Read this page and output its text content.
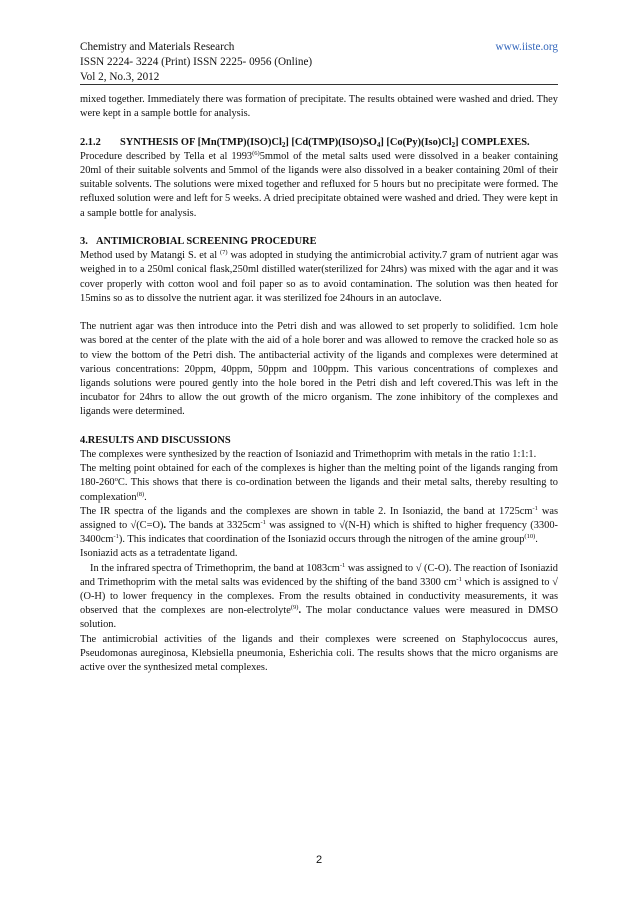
Chemistry and Materials Research
ISSN 2224- 3224 (Print) ISSN 2225- 0956 (Online)
Vol 2, No.3, 2012
www.iiste.org

mixed together. Immediately there was formation of precipitate. The results obtained were washed and dried. They were kept in a sample bottle for analysis.

2.1.2 SYNTHESIS OF $[Mn(TMP)(ISO)Cl_2]$ $[Cd(TMP)(ISO)SO_4]$ $[Co(Py)(Iso)Cl_2]$ COMPLEXES.

Procedure described by Tella et al 1993$^{(6)}$5mmol of the metal salts used were dissolved in a beaker containing 20ml of their suitable solvents and 5mmol of the ligands were also dissolved in a beaker containing 20ml of their suitable solvents. The solutions were mixed together and refluxed for 5 hours but no precipitate were formed. The refluxed solution were and left for 5 weeks. A dried precipitate obtained were washed and dried. They were kept in a sample bottle for analysis.

3. ANTIMICROBIAL SCREENING PROCEDURE

Method used by Matangi S. et al $^{(7)}$ was adopted in studying the antimicrobial activity.7 gram of nutrient agar was weighed in to a 250ml conical flask,250ml distilled water(sterilized for 24hrs) was mixed with the agar and it was cover properly with cotton wool and foil paper so as to avoid contamination. The solution was then heated for 15mins so as to dissolve the nutrient agar. it was sterilized foe 24hours in an autoclave.

The nutrient agar was then introduce into the Petri dish and was allowed to set properly to solidified. 1cm hole was bored at the center of the plate with the aid of a hole borer and was allowed to remove the cracked hole so as to view the bottom of the Petri dish. The antibacterial activity of the ligands and complexes were determined at various concentrations: 20ppm, 40ppm, 50ppm and 100ppm. This various concentrations of complexes and ligands solutions were poured gently into the hole bored in the Petri dish and left covered.This was left in the incubator for 24hrs to allow the out growth of the micro organism. The zone inhibitory of the complexes and ligands were determined.

4.RESULTS AND DISCUSSIONS

The complexes were synthesized by the reaction of Isoniazid and Trimethoprim with metals in the ratio 1:1:1.

The melting point obtained for each of the complexes is higher than the melting point of the ligands ranging from 180-260$^o$C. This shows that there is co-ordination between the ligands and their metal salts, thereby resulting to complexation$^{(8)}$.

The IR spectra of the ligands and the complexes are shown in table 2. In Isoniazid, the band at $1725cm^{-1}$ was assigned to √(C=O). The bands at $3325cm^{-1}$ was assigned to √(N-H) which is shifted to higher frequency $(3300-3400cm^{-1})$. This indicates that coordination of the Isoniazid occurs through the nitrogen of the amine group$^{(10)}$.

Isoniazid acts as a tetradentate ligand.

In the infrared spectra of Trimethoprim, the band at $1083cm^{-1}$ was assigned to √ (C-O). The reaction of Isoniazid and Trimethoprim with the metal salts was evidenced by the shifting of the band 3300 $cm^{-1}$ which is assigned to √ (O-H) to lower frequency in the complexes. From the results obtained in conductivity measurements, it was observed that the complexes are non-electrolyte$^{(9)}$. The molar conductance values were measured in DMSO solution.

The antimicrobial activities of the ligands and their complexes were screened on Staphylococcus aures, Pseudomonas aureginosa, Klebsiella pneumonia, Esherichia coli. The results shows that the micro organisms are active over the synthesized metal complexes.

2
